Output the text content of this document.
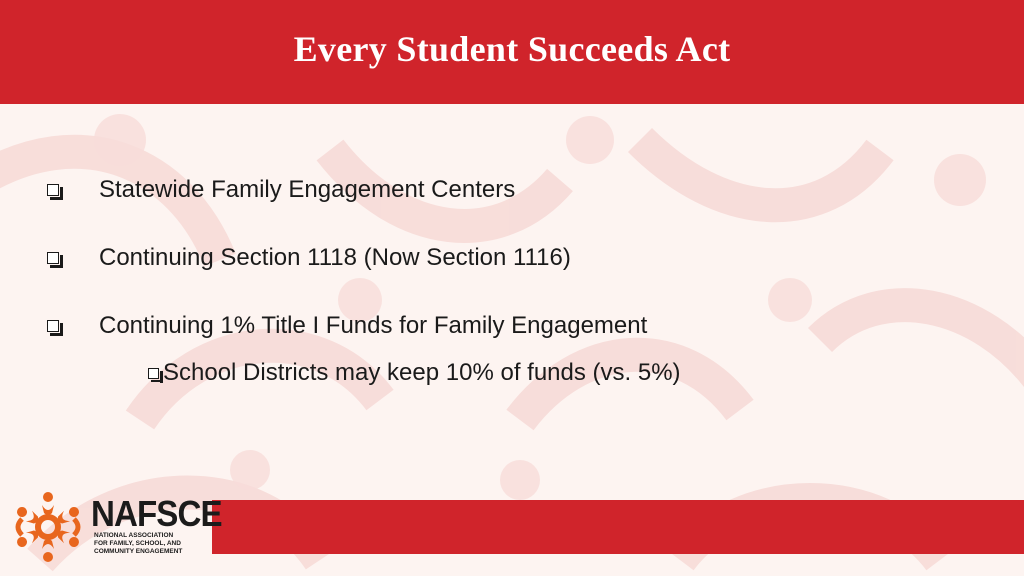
Every Student Succeeds Act
Statewide Family Engagement Centers
Continuing Section 1118 (Now Section 1116)
Continuing 1% Title I Funds for Family Engagement
School Districts may keep 10% of funds (vs. 5%)
NAFSCE
NATIONAL ASSOCIATION
FOR FAMILY, SCHOOL, AND
COMMUNITY ENGAGEMENT
